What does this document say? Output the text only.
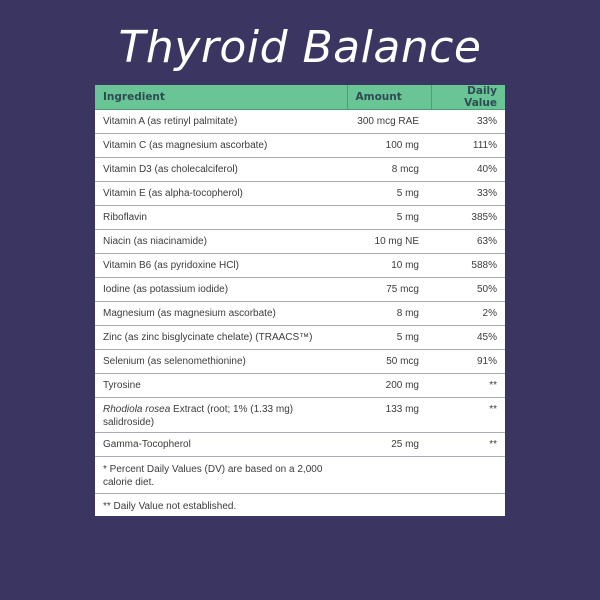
Thyroid Balance
Ingredient	Amount	Daily Value
Vitamin A (as retinyl palmitate)	300 mcg RAE	33%
Vitamin C (as magnesium ascorbate)	100 mg	111%
Vitamin D3 (as cholecalciferol)	8 mcg	40%
Vitamin E (as alpha-tocopherol)	5 mg	33%
Riboflavin	5 mg	385%
Niacin (as niacinamide)	10 mg NE	63%
Vitamin B6 (as pyridoxine HCl)	10 mg	588%
Iodine (as potassium iodide)	75 mcg	50%
Magnesium (as magnesium ascorbate)	8 mg	2%
Zinc (as zinc bisglycinate chelate) (TRAACS™)	5 mg	45%
Selenium (as selenomethionine)	50 mcg	91%
Tyrosine	200 mg	**
Rhodiola rosea Extract (root; 1% (1.33 mg) salidroside)	133 mg	**
Gamma-Tocopherol	25 mg	**

* Percent Daily Values (DV) are based on a 2,000 calorie diet.		

** Daily Value not established.		
